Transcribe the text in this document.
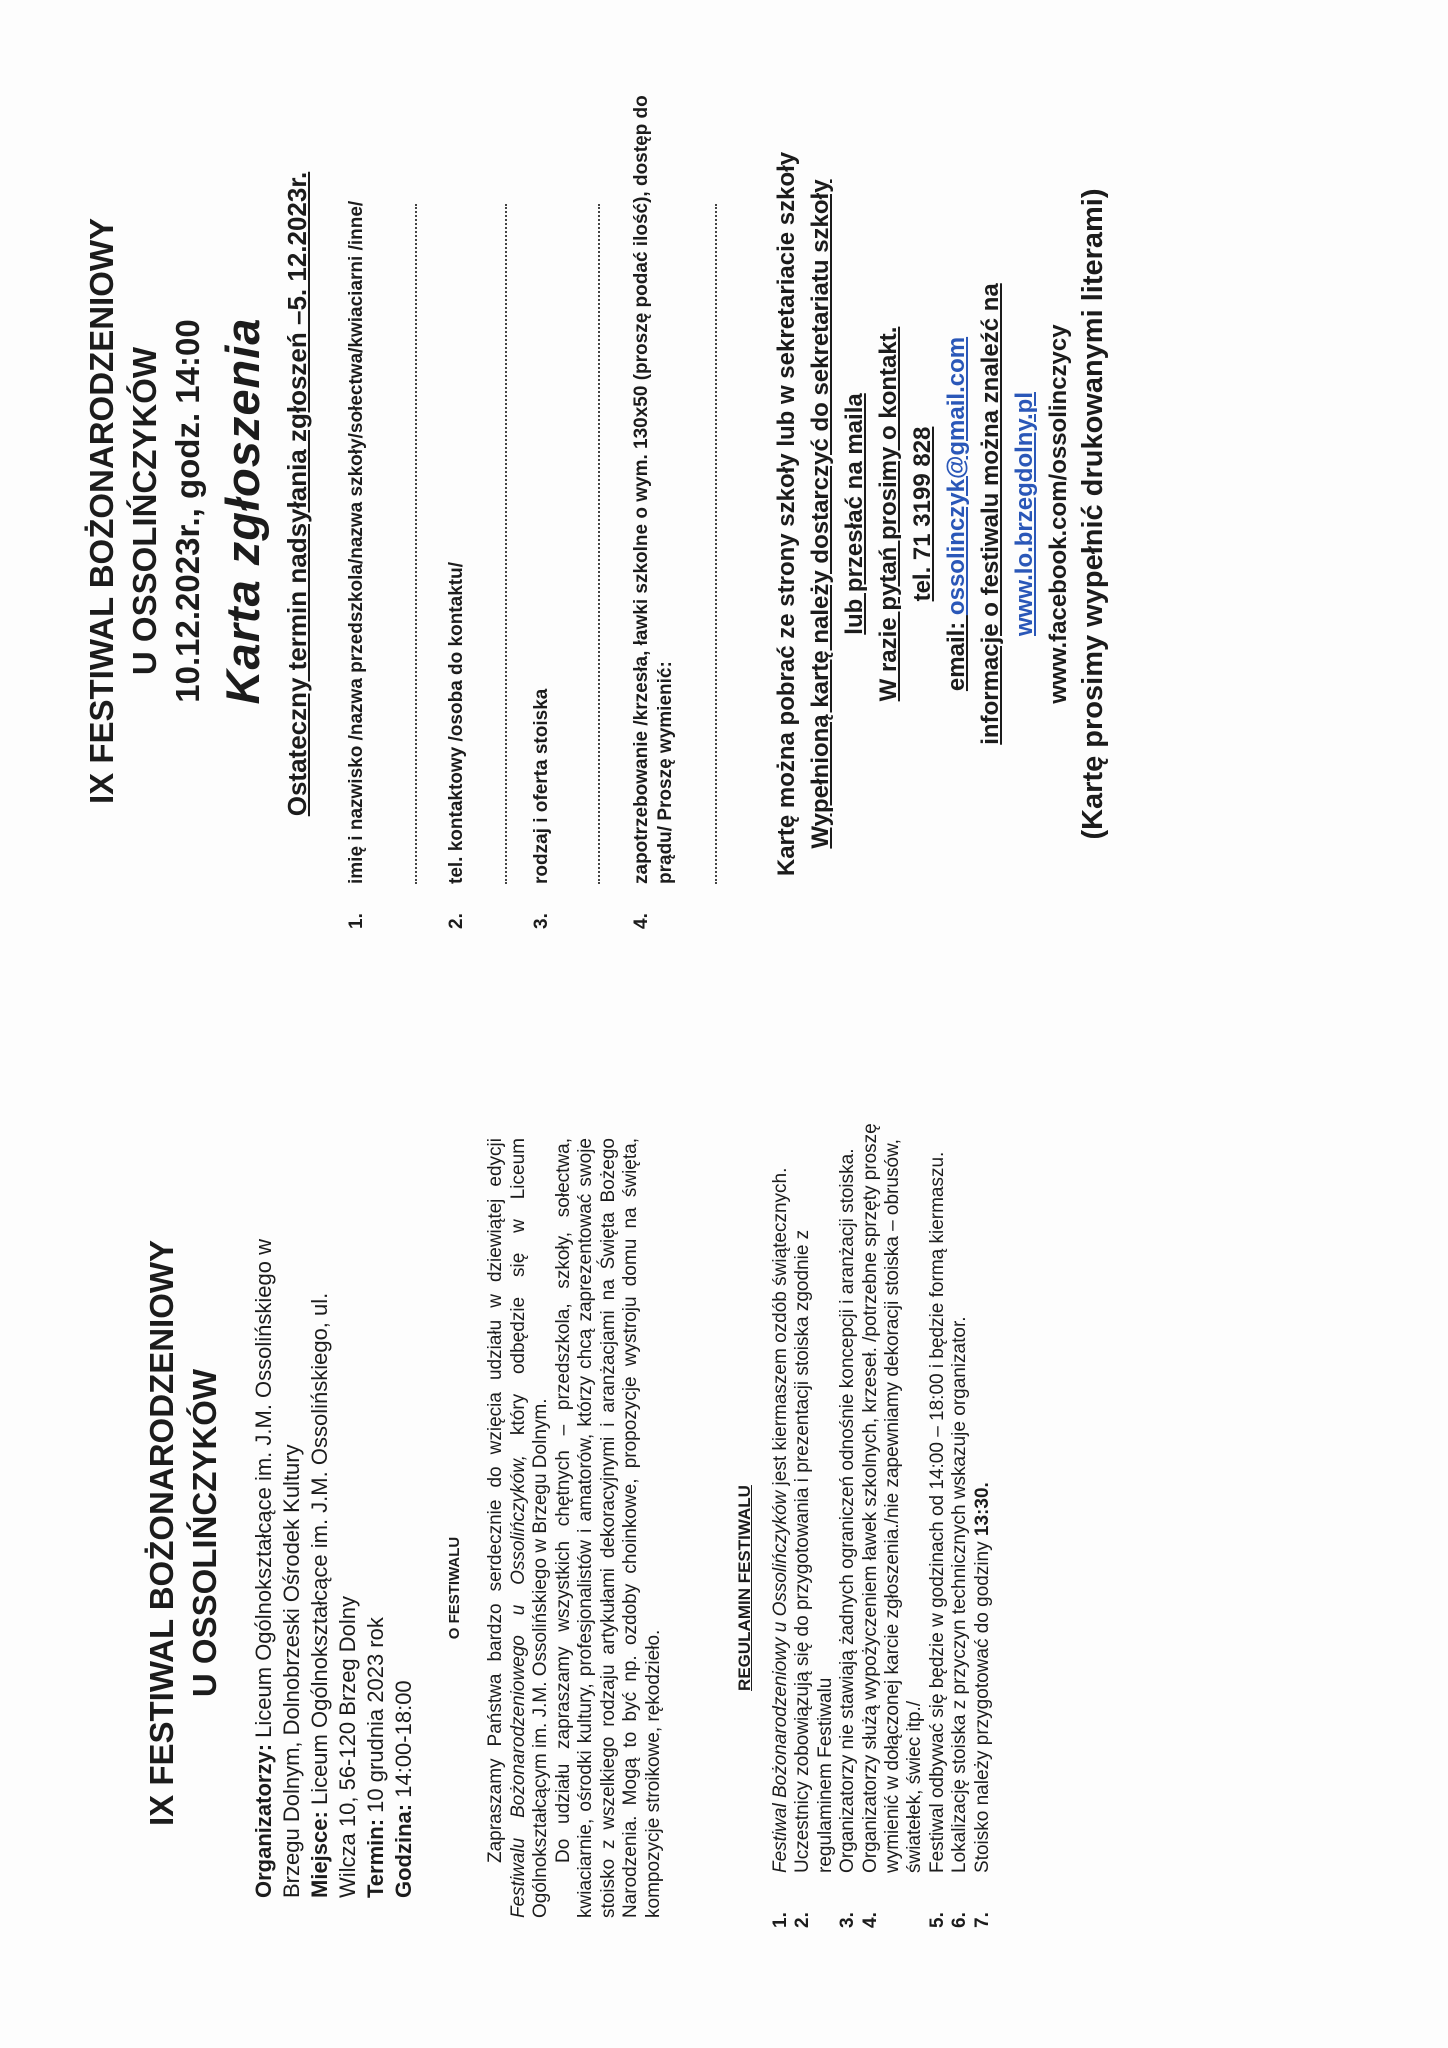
IX FESTIWAL BOŻONARODZENIOWY U OSSOLIŃCZYKÓW
Organizatorzy: Liceum Ogólnokształcące im. J.M. Ossolińskiego w Brzegu Dolnym, Dolnobrzeski Ośrodek Kultury Miejsce: Liceum Ogólnokształcące im. J.M. Ossolińskiego, ul. Wilcza 10, 56-120 Brzeg Dolny Termin: 10 grudnia 2023 rok
Godzina: 14:00-18:00
O FESTIWALU Zapraszamy Państwa bardzo serdecznie do wzięcia udziału w dziewiątej edycji Festiwalu Bożonarodzeniowego u Ossolińczyków, który odbędzie się w Liceum Ogólnokształcącym im. J.M. Ossolińskiego w Brzegu Dolnym. Do udziału zapraszamy wszystkich chętnych – przedszkola, szkoły, sołectwa, kwiaciarnie, ośrodki kultury, profesjonalistów i amatorów, którzy chcą zaprezentować swoje stoisko z wszelkiego rodzaju artykułami dekoracyjnymi i aranżacjami na Święta Bożego Narodzenia. Mogą to być np. ozdoby choinkowe, propozycje wystroju domu na święta, kompozycje stroikowe, rękodzieło.

REGULAMIN FESTIWALU
1.
Festiwal Bożonarodzeniowy u Ossolińczyków jest kiermaszem ozdób świątecznych.
2.
Uczestnicy zobowiązują się do przygotowania i prezentacji stoiska zgodnie z regulaminem Festiwalu
3.
Organizatorzy nie stawiają żadnych ograniczeń odnośnie koncepcji i aranżacji stoiska.
4.
Organizatorzy służą wypożyczeniem ławek szkolnych, krzeseł. /potrzebne sprzęty proszę wymienić w dołączonej karcie zgłoszenia./nie zapewniamy dekoracji stoiska – obrusów, światełek, świec itp./
5.
Festiwal odbywać się będzie w godzinach od 14:00 – 18:00 i będzie formą kiermaszu.
6.
Lokalizację stoiska z przyczyn technicznych wskazuje organizator.
7.
Stoisko należy przygotować do godziny 13:30.
IX FESTIWAL BOŻONARODZENIOWY U OSSOLIŃCZYKÓW 10.12.2023r., godz. 14:00 Karta zgłoszenia Ostateczny termin nadsyłania zgłoszeń –5. 12.2023r.
1.
imię i nazwisko /nazwa przedszkola/nazwa szkoły/sołectwa/kwiaciarni /inne/
2.
tel. kontaktowy /osoba do kontaktu/
3.
rodzaj i oferta stoiska
4.
zapotrzebowanie /krzesła, ławki szkolne o wym. 130x50 (proszę podać ilość), dostęp do prądu/ Proszę wymienić:	Kartę można pobrać ze strony szkoły lub w sekretariacie szkoły Wypełnioną kartę należy dostarczyć do sekretariatu szkoły lub przesłać na maila W razie pytań prosimy o kontakt. tel. 71 3199 828
email: ossolinczyk@gmail.com informacje o festiwalu można znaleźć na www.lo.brzegdolny.pl www.facebook.com/ossolinczycy (Kartę prosimy wypełnić drukowanymi literami)
